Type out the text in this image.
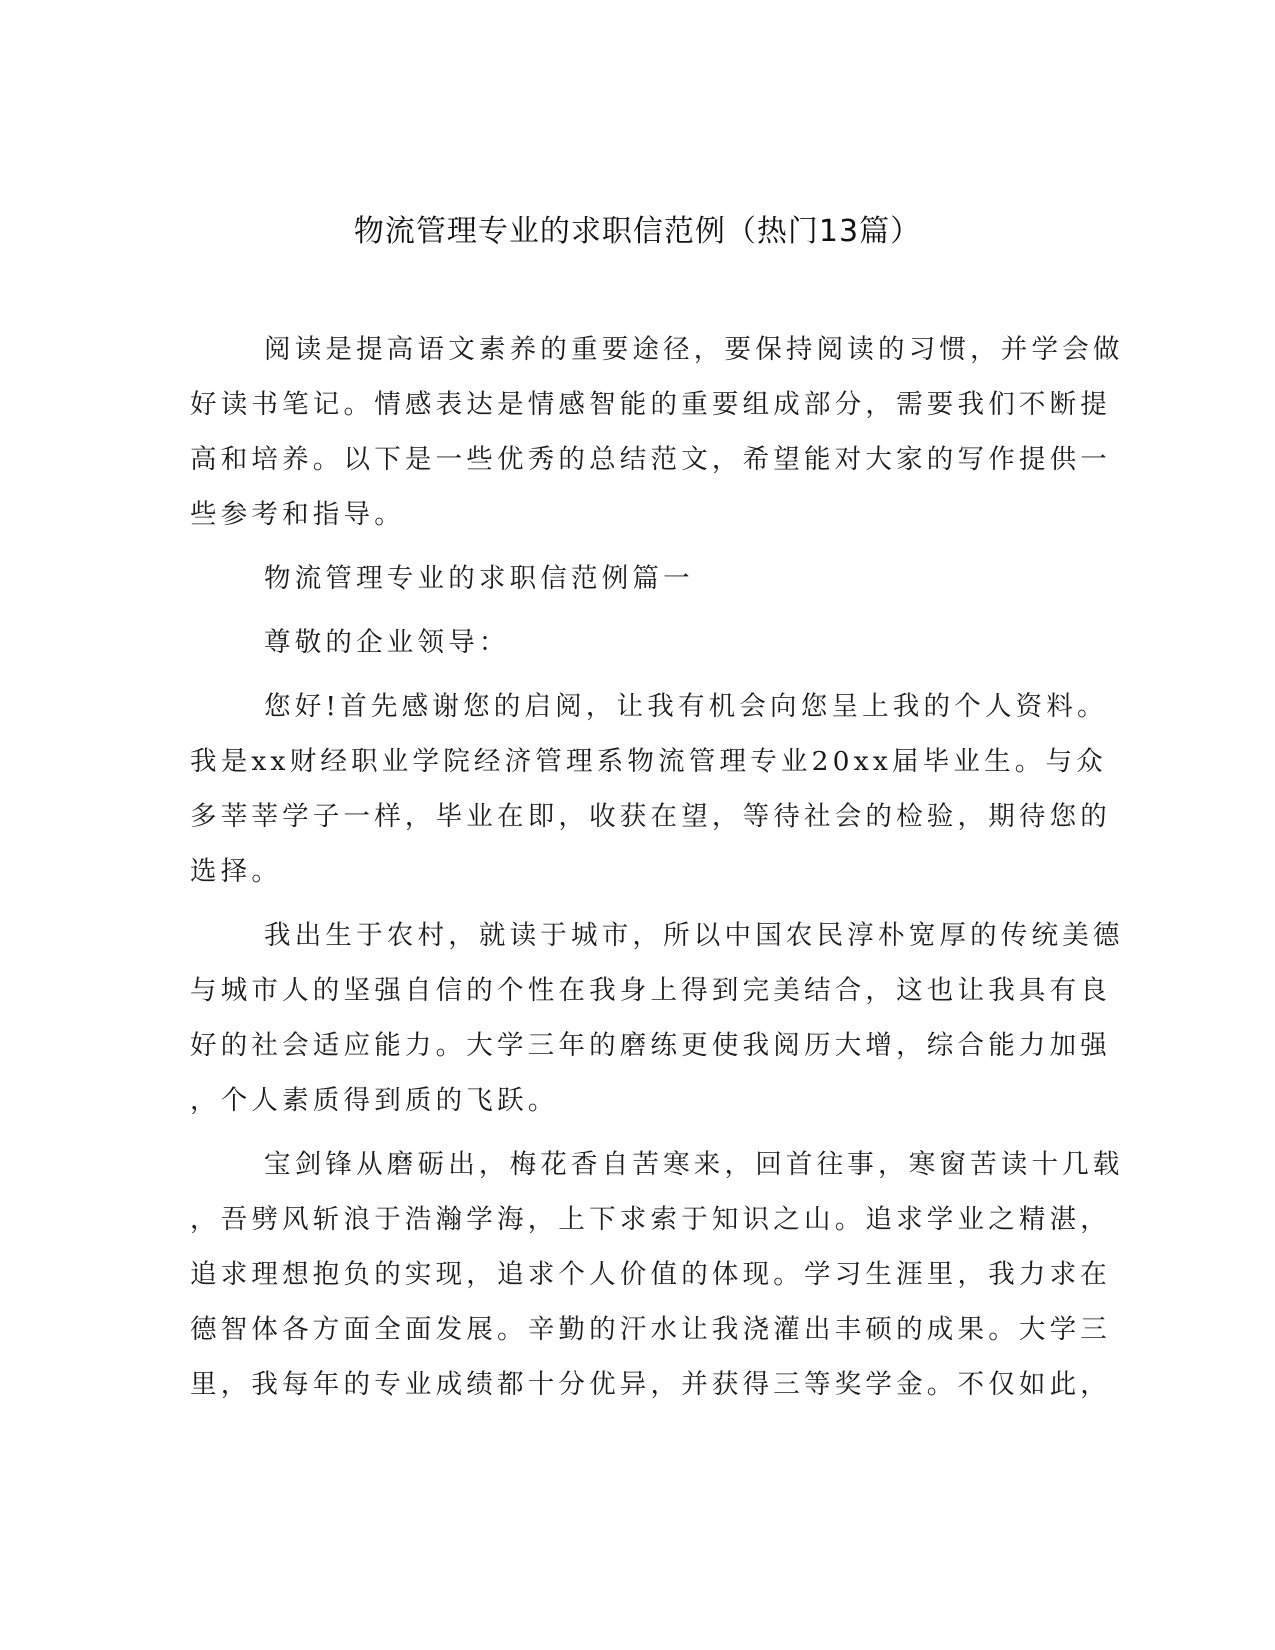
物流管理专业的求职信范例（热门13篇）
阅读是提高语文素养的重要途径，要保持阅读的习惯，并学会做
好读书笔记。情感表达是情感智能的重要组成部分，需要我们不断提
高和培养。以下是一些优秀的总结范文，希望能对大家的写作提供一
些参考和指导。
物流管理专业的求职信范例篇一
尊敬的企业领导：
您好!首先感谢您的启阅，让我有机会向您呈上我的个人资料。
我是xx财经职业学院经济管理系物流管理专业20xx届毕业生。与众
多莘莘学子一样，毕业在即，收获在望，等待社会的检验，期待您的
选择。
我出生于农村，就读于城市，所以中国农民淳朴宽厚的传统美德
与城市人的坚强自信的个性在我身上得到完美结合，这也让我具有良
好的社会适应能力。大学三年的磨练更使我阅历大增，综合能力加强
，个人素质得到质的飞跃。
宝剑锋从磨砺出，梅花香自苦寒来，回首往事，寒窗苦读十几载
，吾劈风斩浪于浩瀚学海，上下求索于知识之山。追求学业之精湛，
追求理想抱负的实现，追求个人价值的体现。学习生涯里，我力求在
德智体各方面全面发展。辛勤的汗水让我浇灌出丰硕的成果。大学三
里，我每年的专业成绩都十分优异，并获得三等奖学金。不仅如此，
